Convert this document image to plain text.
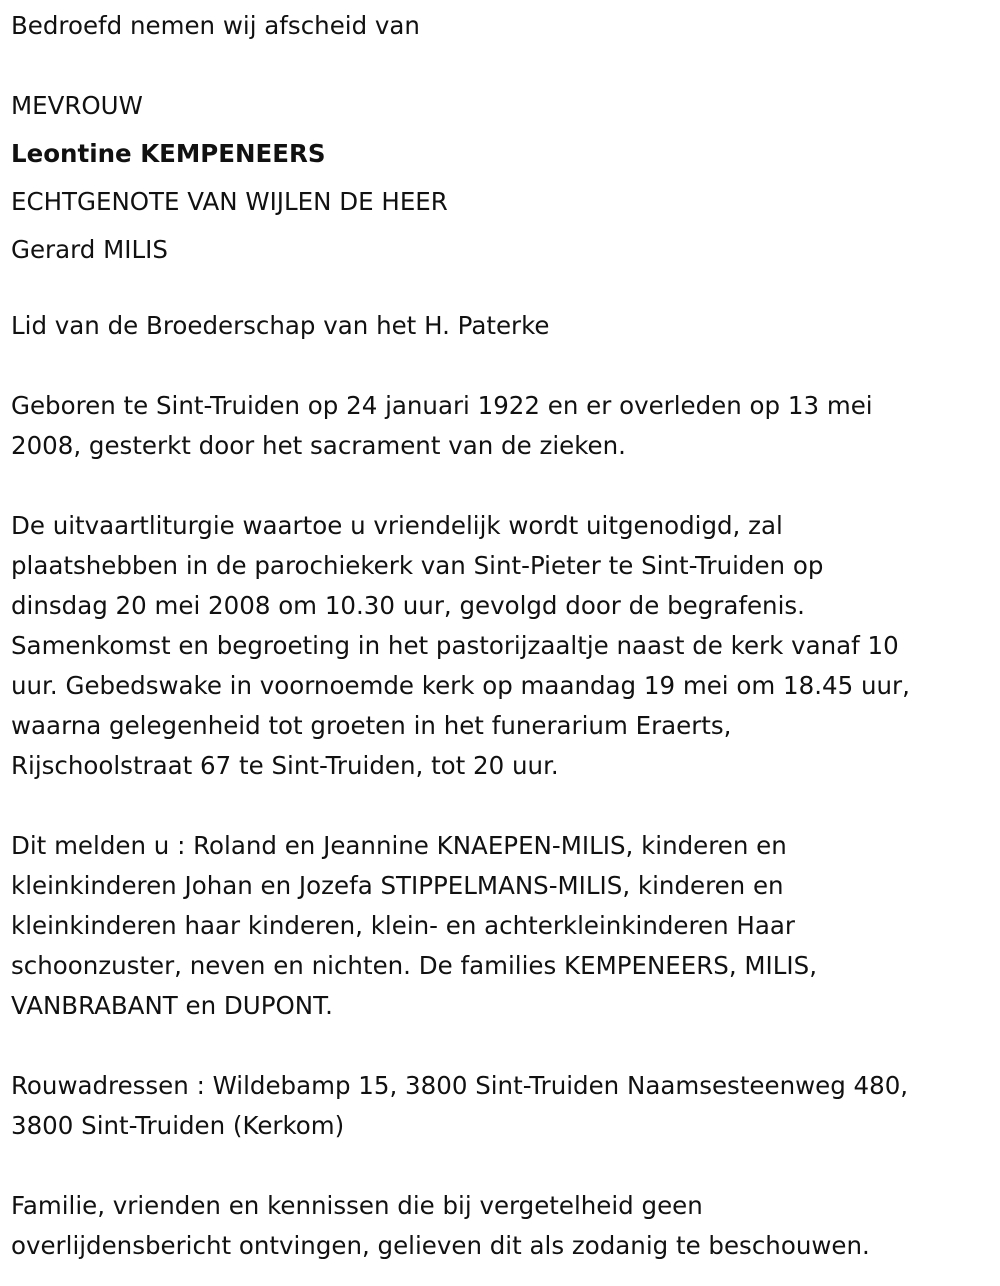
Bedroefd nemen wij afscheid van

MEVROUW

Leontine KEMPENEERS

ECHTGENOTE VAN WIJLEN DE HEER

Gerard MILIS

Lid van de Broederschap van het H. Paterke

Geboren te Sint-Truiden op 24 januari 1922 en er overleden op 13 mei
2008, gesterkt door het sacrament van de zieken.

De uitvaartliturgie waartoe u vriendelijk wordt uitgenodigd, zal
plaatshebben in de parochiekerk van Sint-Pieter te Sint-Truiden op
dinsdag 20 mei 2008 om 10.30 uur, gevolgd door de begrafenis.
Samenkomst en begroeting in het pastorijzaaltje naast de kerk vanaf 10
uur. Gebedswake in voornoemde kerk op maandag 19 mei om 18.45 uur,
waarna gelegenheid tot groeten in het funerarium Eraerts,
Rijschoolstraat 67 te Sint-Truiden, tot 20 uur.

Dit melden u : Roland en Jeannine KNAEPEN-MILIS, kinderen en
kleinkinderen Johan en Jozefa STIPPELMANS-MILIS, kinderen en
kleinkinderen haar kinderen, klein- en achterkleinkinderen Haar
schoonzuster, neven en nichten. De families KEMPENEERS, MILIS,
VANBRABANT en DUPONT.

Rouwadressen : Wildebamp 15, 3800 Sint-Truiden Naamsesteenweg 480,
3800 Sint-Truiden (Kerkom)

Familie, vrienden en kennissen die bij vergetelheid geen
overlijdensbericht ontvingen, gelieven dit als zodanig te beschouwen.
